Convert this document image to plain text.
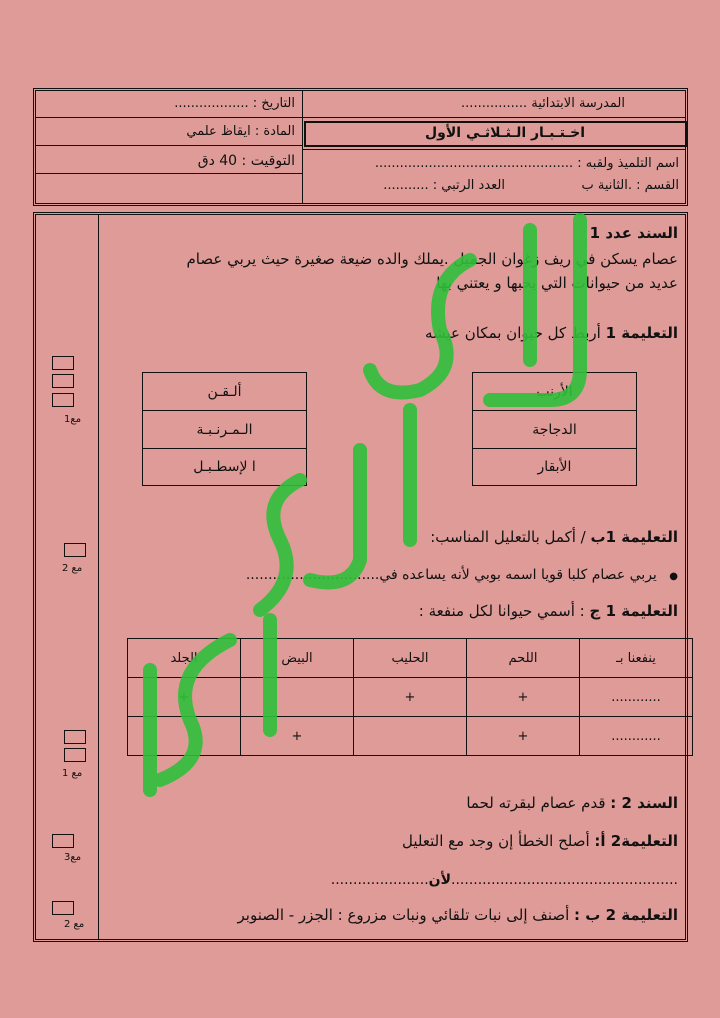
المدرسة الابتدائية ................
التاريخ : ..................
اخـتـبـار الـثـلاثـي الأول
المادة : ايقاظ علمي
اسم التلميذ ولقبه : ................................................
التوقيت : 40 دق
القسم : .الثانية ب
العدد الرتبي : ...........
مع1
مع 2
مع 1
مع3
مع 2
السند عدد 1
عصام يسكن في ريف زغوان الجميل .يملك والده ضيعة صغيرة حيث يربي عصام
عديد من حيوانات التي يحبها و يعتني بها
التعليمة 1 أربط كل حيوان بمكان عيشه
الأرنب
الدجاجة
الأبقار
ألـقـن
الـمـرنـبـة
ا لإسطـبـل
التعليمة 1ب / أكمل بالتعليل المناسب:
● يربي عصام كلبا قويا اسمه بوبي لأنه يساعده في..............................
التعليمة 1 ج : أسمي حيوانا لكل منفعة :
ينفعنا بـ	اللحم	الحليب	البيض	الجلد
............	+	+		+
............	+		+	
السند 2 : قدم عصام لبقرته لحما
التعليمة2 أ: أصلح الخطأ إن وجد مع التعليل
...................................................لأن......................
التعليمة 2 ب : أصنف إلى نبات تلقائي ونبات مزروع : الجزر - الصنوبر
